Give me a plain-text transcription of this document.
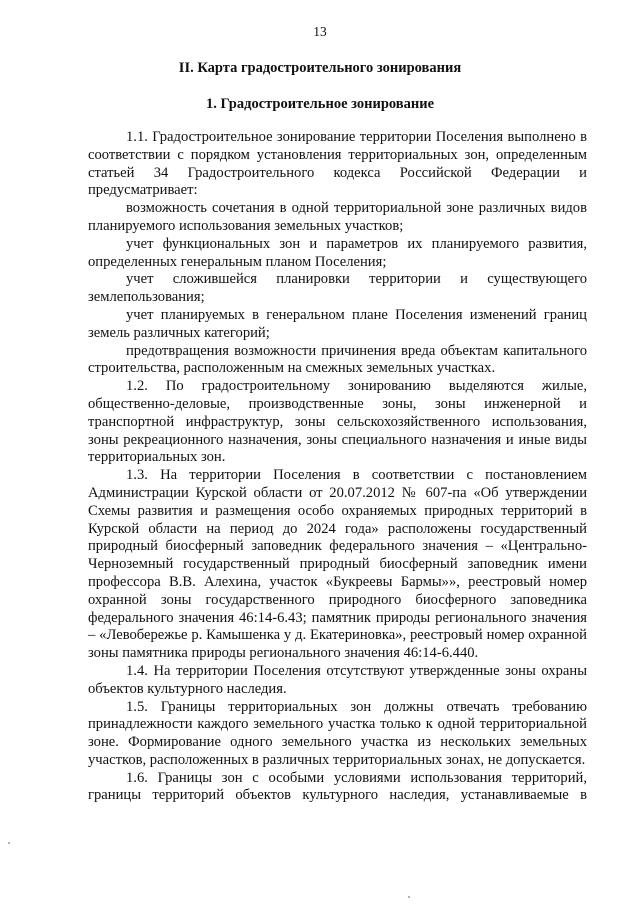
13
II. Карта градостроительного зонирования
1. Градостроительное зонирование

1.1. Градостроительное зонирование территории Поселения выполнено в соответствии с порядком установления территориальных зон, определенным статьей 34 Градостроительного кодекса Российской Федерации и предусматривает:

возможность сочетания в одной территориальной зоне различных видов планируемого использования земельных участков;

учет функциональных зон и параметров их планируемого развития, определенных генеральным планом Поселения;

учет сложившейся планировки территории и существующего землепользования;

учет планируемых в генеральном плане Поселения изменений границ земель различных категорий;

предотвращения возможности причинения вреда объектам капитального строительства, расположенным на смежных земельных участках.

1.2. По градостроительному зонированию выделяются жилые, общественно-деловые, производственные зоны, зоны инженерной и транспортной инфраструктур, зоны сельскохозяйственного использования, зоны рекреационного назначения, зоны специального назначения и иные виды территориальных зон.

1.3. На территории Поселения в соответствии с постановлением Администрации Курской области от 20.07.2012 № 607-па «Об утверждении Схемы развития и размещения особо охраняемых природных территорий в Курской области на период до 2024 года» расположены государственный природный биосферный заповедник федерального значения – «Центрально-Черноземный государственный природный биосферный заповедник имени профессора В.В. Алехина, участок «Букреевы Бармы»», реестровый номер охранной зоны государственного природного биосферного заповедника федерального значения 46:14-6.43; памятник природы регионального значения – «Левобережье р. Камышенка у д. Екатериновка», реестровый номер охранной зоны памятника природы регионального значения 46:14-6.440.

1.4. На территории Поселения отсутствуют утвержденные зоны охраны объектов культурного наследия.

1.5. Границы территориальных зон должны отвечать требованию принадлежности каждого земельного участка только к одной территориальной зоне. Формирование одного земельного участка из нескольких земельных участков, расположенных в различных территориальных зонах, не допускается.

1.6. Границы зон с особыми условиями использования территорий, границы территорий объектов культурного наследия, устанавливаемые в
